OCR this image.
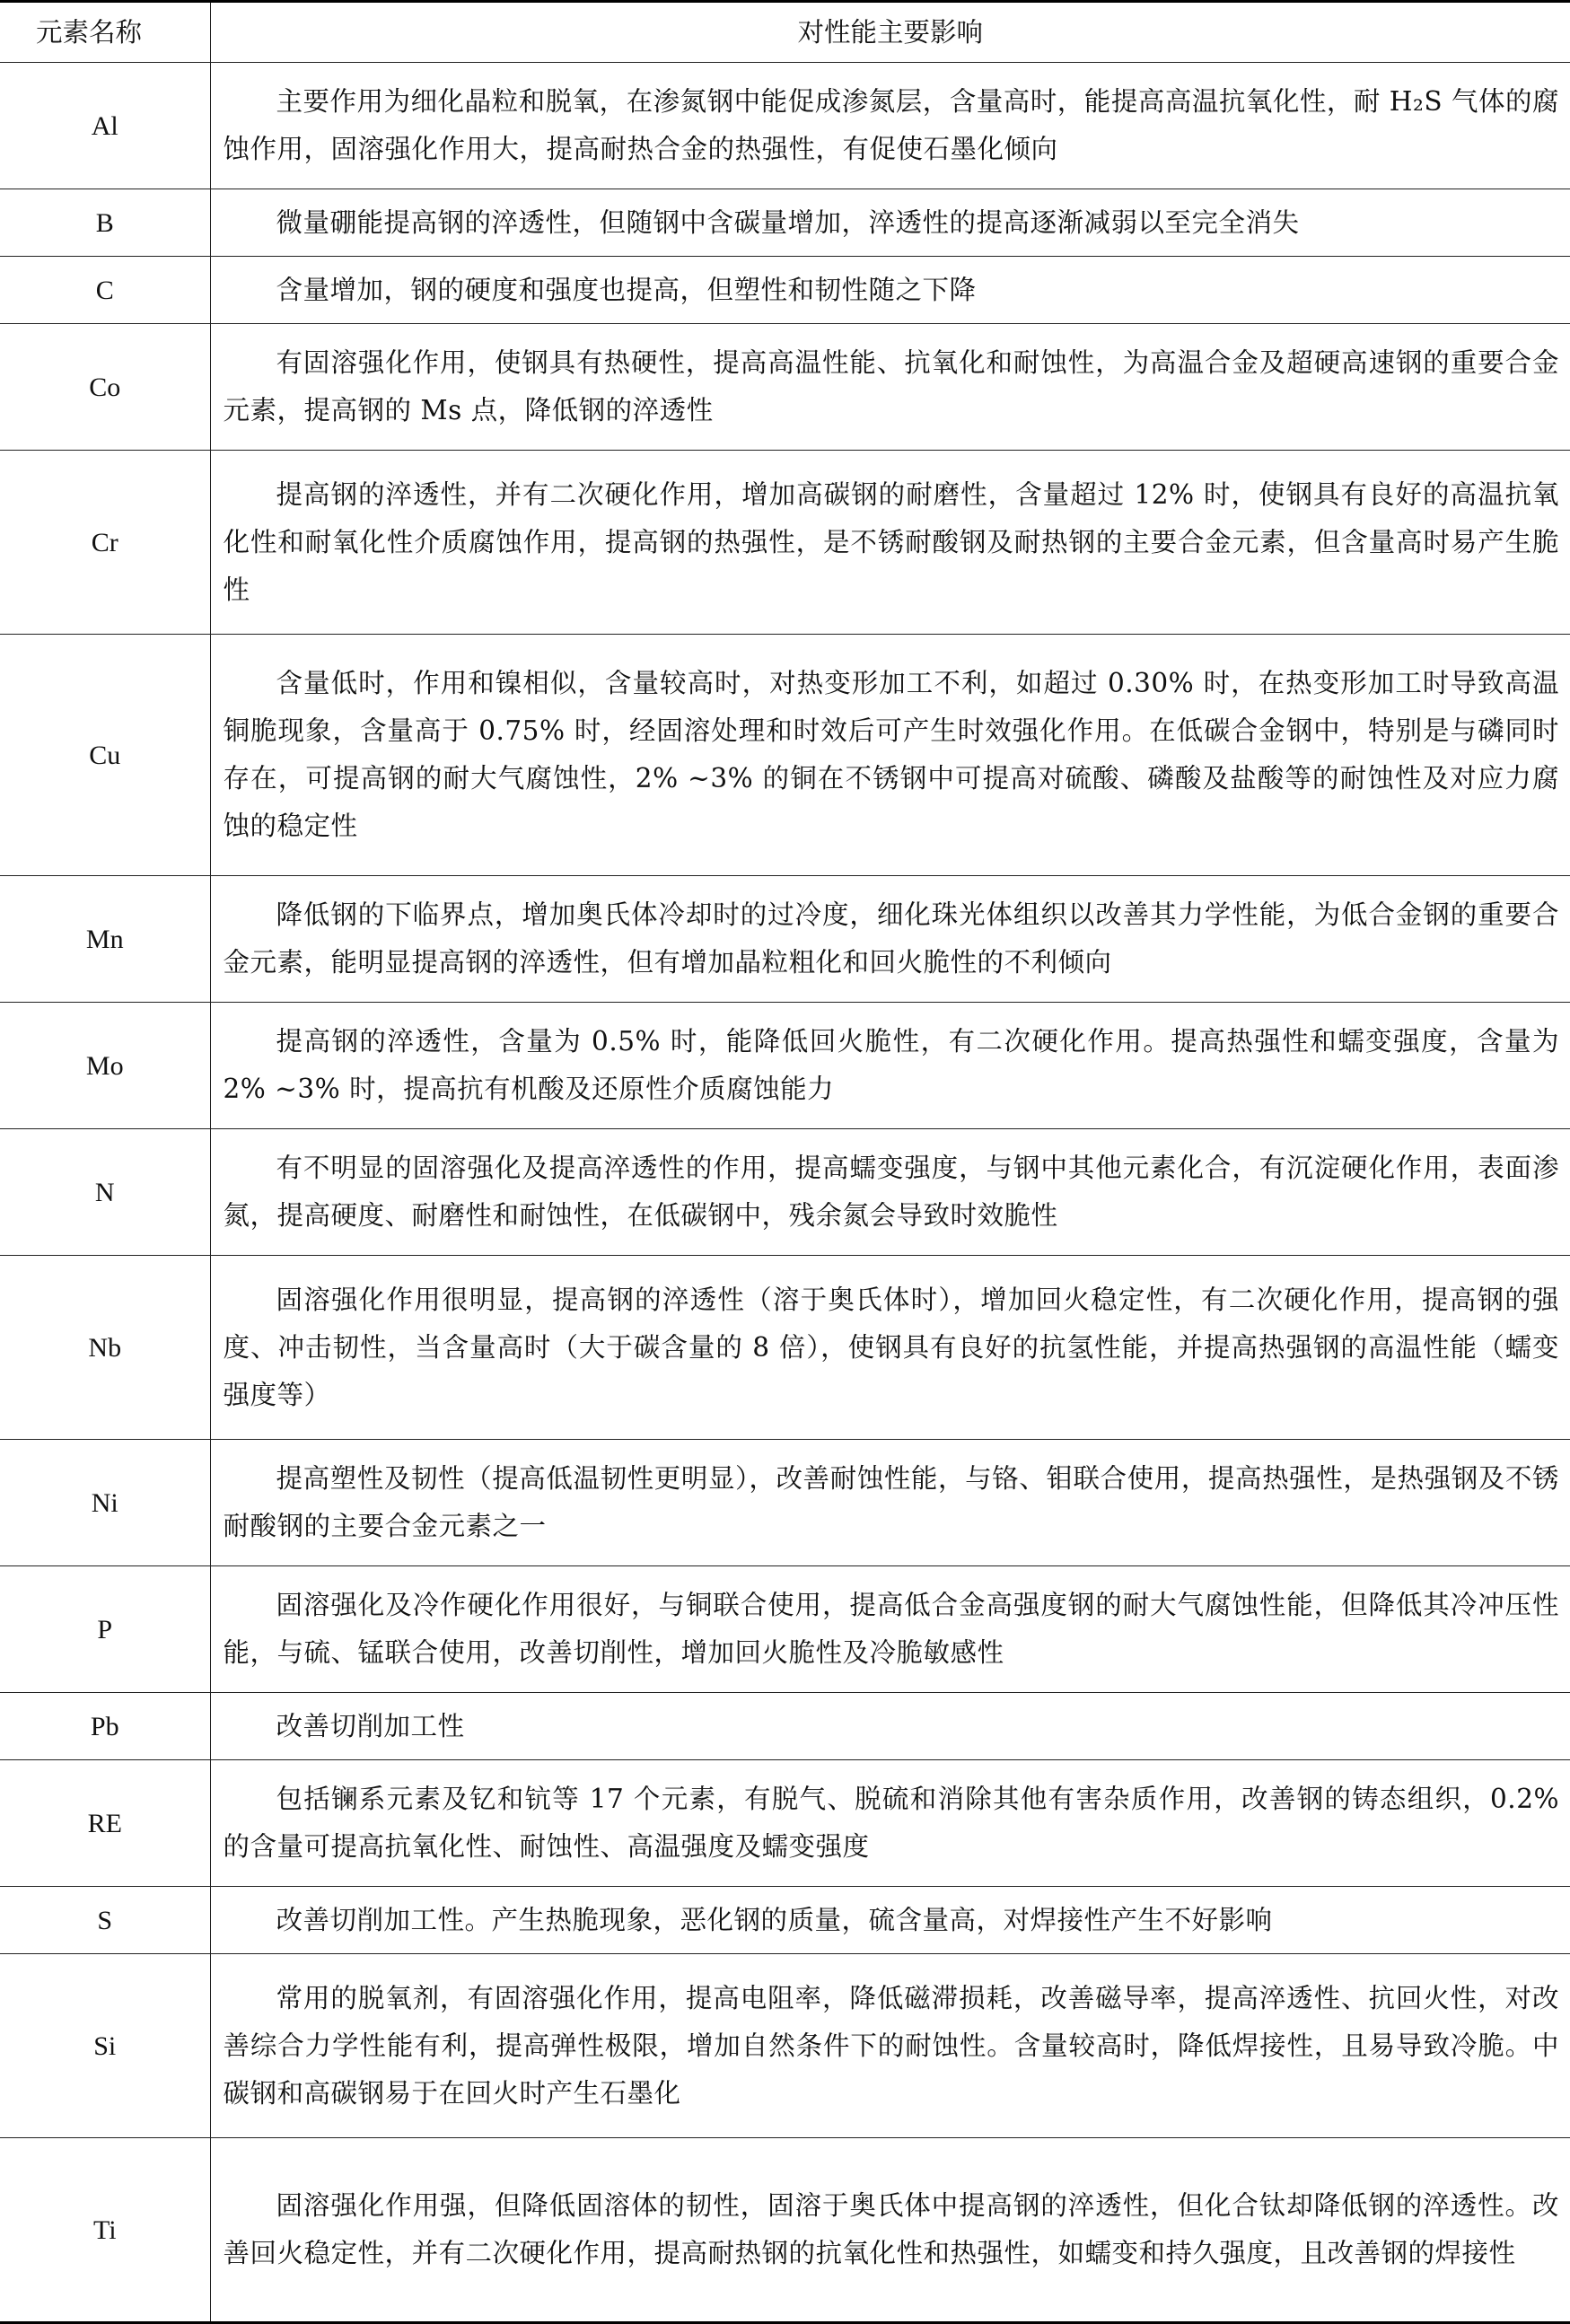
元素名称	对性能主要影响
Al	主要作用为细化晶粒和脱氧，在渗氮钢中能促成渗氮层，含量高时，能提高高温抗氧化性，耐 H₂S 气体的腐蚀作用，固溶强化作用大，提高耐热合金的热强性，有促使石墨化倾向
B	微量硼能提高钢的淬透性，但随钢中含碳量增加，淬透性的提高逐渐减弱以至完全消失
C	含量增加，钢的硬度和强度也提高，但塑性和韧性随之下降
Co	有固溶强化作用，使钢具有热硬性，提高高温性能、抗氧化和耐蚀性，为高温合金及超硬高速钢的重要合金元素，提高钢的 Ms 点，降低钢的淬透性
Cr	提高钢的淬透性，并有二次硬化作用，增加高碳钢的耐磨性，含量超过 12% 时，使钢具有良好的高温抗氧化性和耐氧化性介质腐蚀作用，提高钢的热强性，是不锈耐酸钢及耐热钢的主要合金元素，但含量高时易产生脆性
Cu	含量低时，作用和镍相似，含量较高时，对热变形加工不利，如超过 0.30% 时，在热变形加工时导致高温铜脆现象，含量高于 0.75% 时，经固溶处理和时效后可产生时效强化作用。在低碳合金钢中，特别是与磷同时存在，可提高钢的耐大气腐蚀性，2% ~3% 的铜在不锈钢中可提高对硫酸、磷酸及盐酸等的耐蚀性及对应力腐蚀的稳定性
Mn	降低钢的下临界点，增加奥氏体冷却时的过冷度，细化珠光体组织以改善其力学性能，为低合金钢的重要合金元素，能明显提高钢的淬透性，但有增加晶粒粗化和回火脆性的不利倾向
Mo	提高钢的淬透性，含量为 0.5% 时，能降低回火脆性，有二次硬化作用。提高热强性和蠕变强度，含量为 2% ~3% 时，提高抗有机酸及还原性介质腐蚀能力
N	有不明显的固溶强化及提高淬透性的作用，提高蠕变强度，与钢中其他元素化合，有沉淀硬化作用，表面渗氮，提高硬度、耐磨性和耐蚀性，在低碳钢中，残余氮会导致时效脆性
Nb	固溶强化作用很明显，提高钢的淬透性（溶于奥氏体时），增加回火稳定性，有二次硬化作用，提高钢的强度、冲击韧性，当含量高时（大于碳含量的 8 倍），使钢具有良好的抗氢性能，并提高热强钢的高温性能（蠕变强度等）
Ni	提高塑性及韧性（提高低温韧性更明显），改善耐蚀性能，与铬、钼联合使用，提高热强性，是热强钢及不锈耐酸钢的主要合金元素之一
P	固溶强化及冷作硬化作用很好，与铜联合使用，提高低合金高强度钢的耐大气腐蚀性能，但降低其冷冲压性能，与硫、锰联合使用，改善切削性，增加回火脆性及冷脆敏感性
Pb	改善切削加工性
RE	包括镧系元素及钇和钪等 17 个元素，有脱气、脱硫和消除其他有害杂质作用，改善钢的铸态组织，0.2% 的含量可提高抗氧化性、耐蚀性、高温强度及蠕变强度
S	改善切削加工性。产生热脆现象，恶化钢的质量，硫含量高，对焊接性产生不好影响
Si	常用的脱氧剂，有固溶强化作用，提高电阻率，降低磁滞损耗，改善磁导率，提高淬透性、抗回火性，对改善综合力学性能有利，提高弹性极限，增加自然条件下的耐蚀性。含量较高时，降低焊接性，且易导致冷脆。中碳钢和高碳钢易于在回火时产生石墨化
Ti	固溶强化作用强，但降低固溶体的韧性，固溶于奥氏体中提高钢的淬透性，但化合钛却降低钢的淬透性。改善回火稳定性，并有二次硬化作用，提高耐热钢的抗氧化性和热强性，如蠕变和持久强度，且改善钢的焊接性
